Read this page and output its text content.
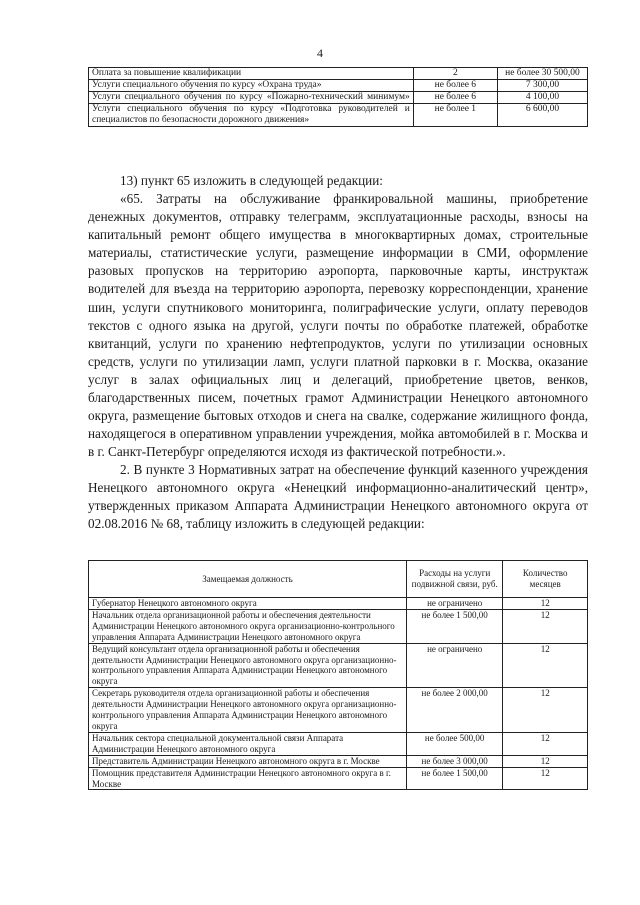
4
Оплата за повышение квалификации	2	не более 30 500,00
Услуги специального обучения по курсу «Охрана труда»	не более 6	7 300,00
Услуги специального обучения по курсу «Пожарно-технический минимум»	не более 6	4 100,00
Услуги специального обучения по курсу «Подготовка руководителей и специалистов по безопасности дорожного движения»	не более 1	6 600,00
13) пункт 65 изложить в следующей редакции:
«65. Затраты на обслуживание франкировальной машины, приобретение денежных документов, отправку телеграмм, эксплуатационные расходы, взносы на капитальный ремонт общего имущества в многоквартирных домах, строительные материалы, статистические услуги, размещение информации в СМИ, оформление разовых пропусков на территорию аэропорта, парковочные карты, инструктаж водителей для въезда на территорию аэропорта, перевозку корреспонденции, хранение шин, услуги спутникового мониторинга, полиграфические услуги, оплату переводов текстов с одного языка на другой, услуги почты по обработке платежей, обработке квитанций, услуги по хранению нефтепродуктов, услуги по утилизации основных средств, услуги по утилизации ламп, услуги платной парковки в г. Москва, оказание услуг в залах официальных лиц и делегаций, приобретение цветов, венков, благодарственных писем, почетных грамот Администрации Ненецкого автономного округа, размещение бытовых отходов и снега на свалке, содержание жилищного фонда, находящегося в оперативном управлении учреждения, мойка автомобилей в г. Москва и в г. Санкт-Петербург определяются исходя из фактической потребности.».
2. В пункте 3 Нормативных затрат на обеспечение функций казенного учреждения Ненецкого автономного округа «Ненецкий информационно-аналитический центр», утвержденных приказом Аппарата Администрации Ненецкого автономного округа от 02.08.2016 № 68, таблицу изложить в следующей редакции:
Замещаемая должность	Расходы на услуги подвижной связи, руб.	Количество месяцев
Губернатор Ненецкого автономного округа	не ограничено	12
Начальник отдела организационной работы и обеспечения деятельности Администрации Ненецкого автономного округа организационно-контрольного управления Аппарата Администрации Ненецкого автономного округа	не более 1 500,00	12
Ведущий консультант отдела организационной работы и обеспечения деятельности Администрации Ненецкого автономного округа организационно-контрольного управления Аппарата Администрации Ненецкого автономного округа	не ограничено	12
Секретарь руководителя отдела организационной работы и обеспечения деятельности Администрации Ненецкого автономного округа организационно-контрольного управления Аппарата Администрации Ненецкого автономного округа	не более 2 000,00	12
Начальник сектора специальной документальной связи Аппарата Администрации Ненецкого автономного округа	не более 500,00	12
Представитель Администрации Ненецкого автономного округа в г. Москве	не более 3 000,00	12
Помощник представителя Администрации Ненецкого автономного округа в г. Москве	не более 1 500,00	12
